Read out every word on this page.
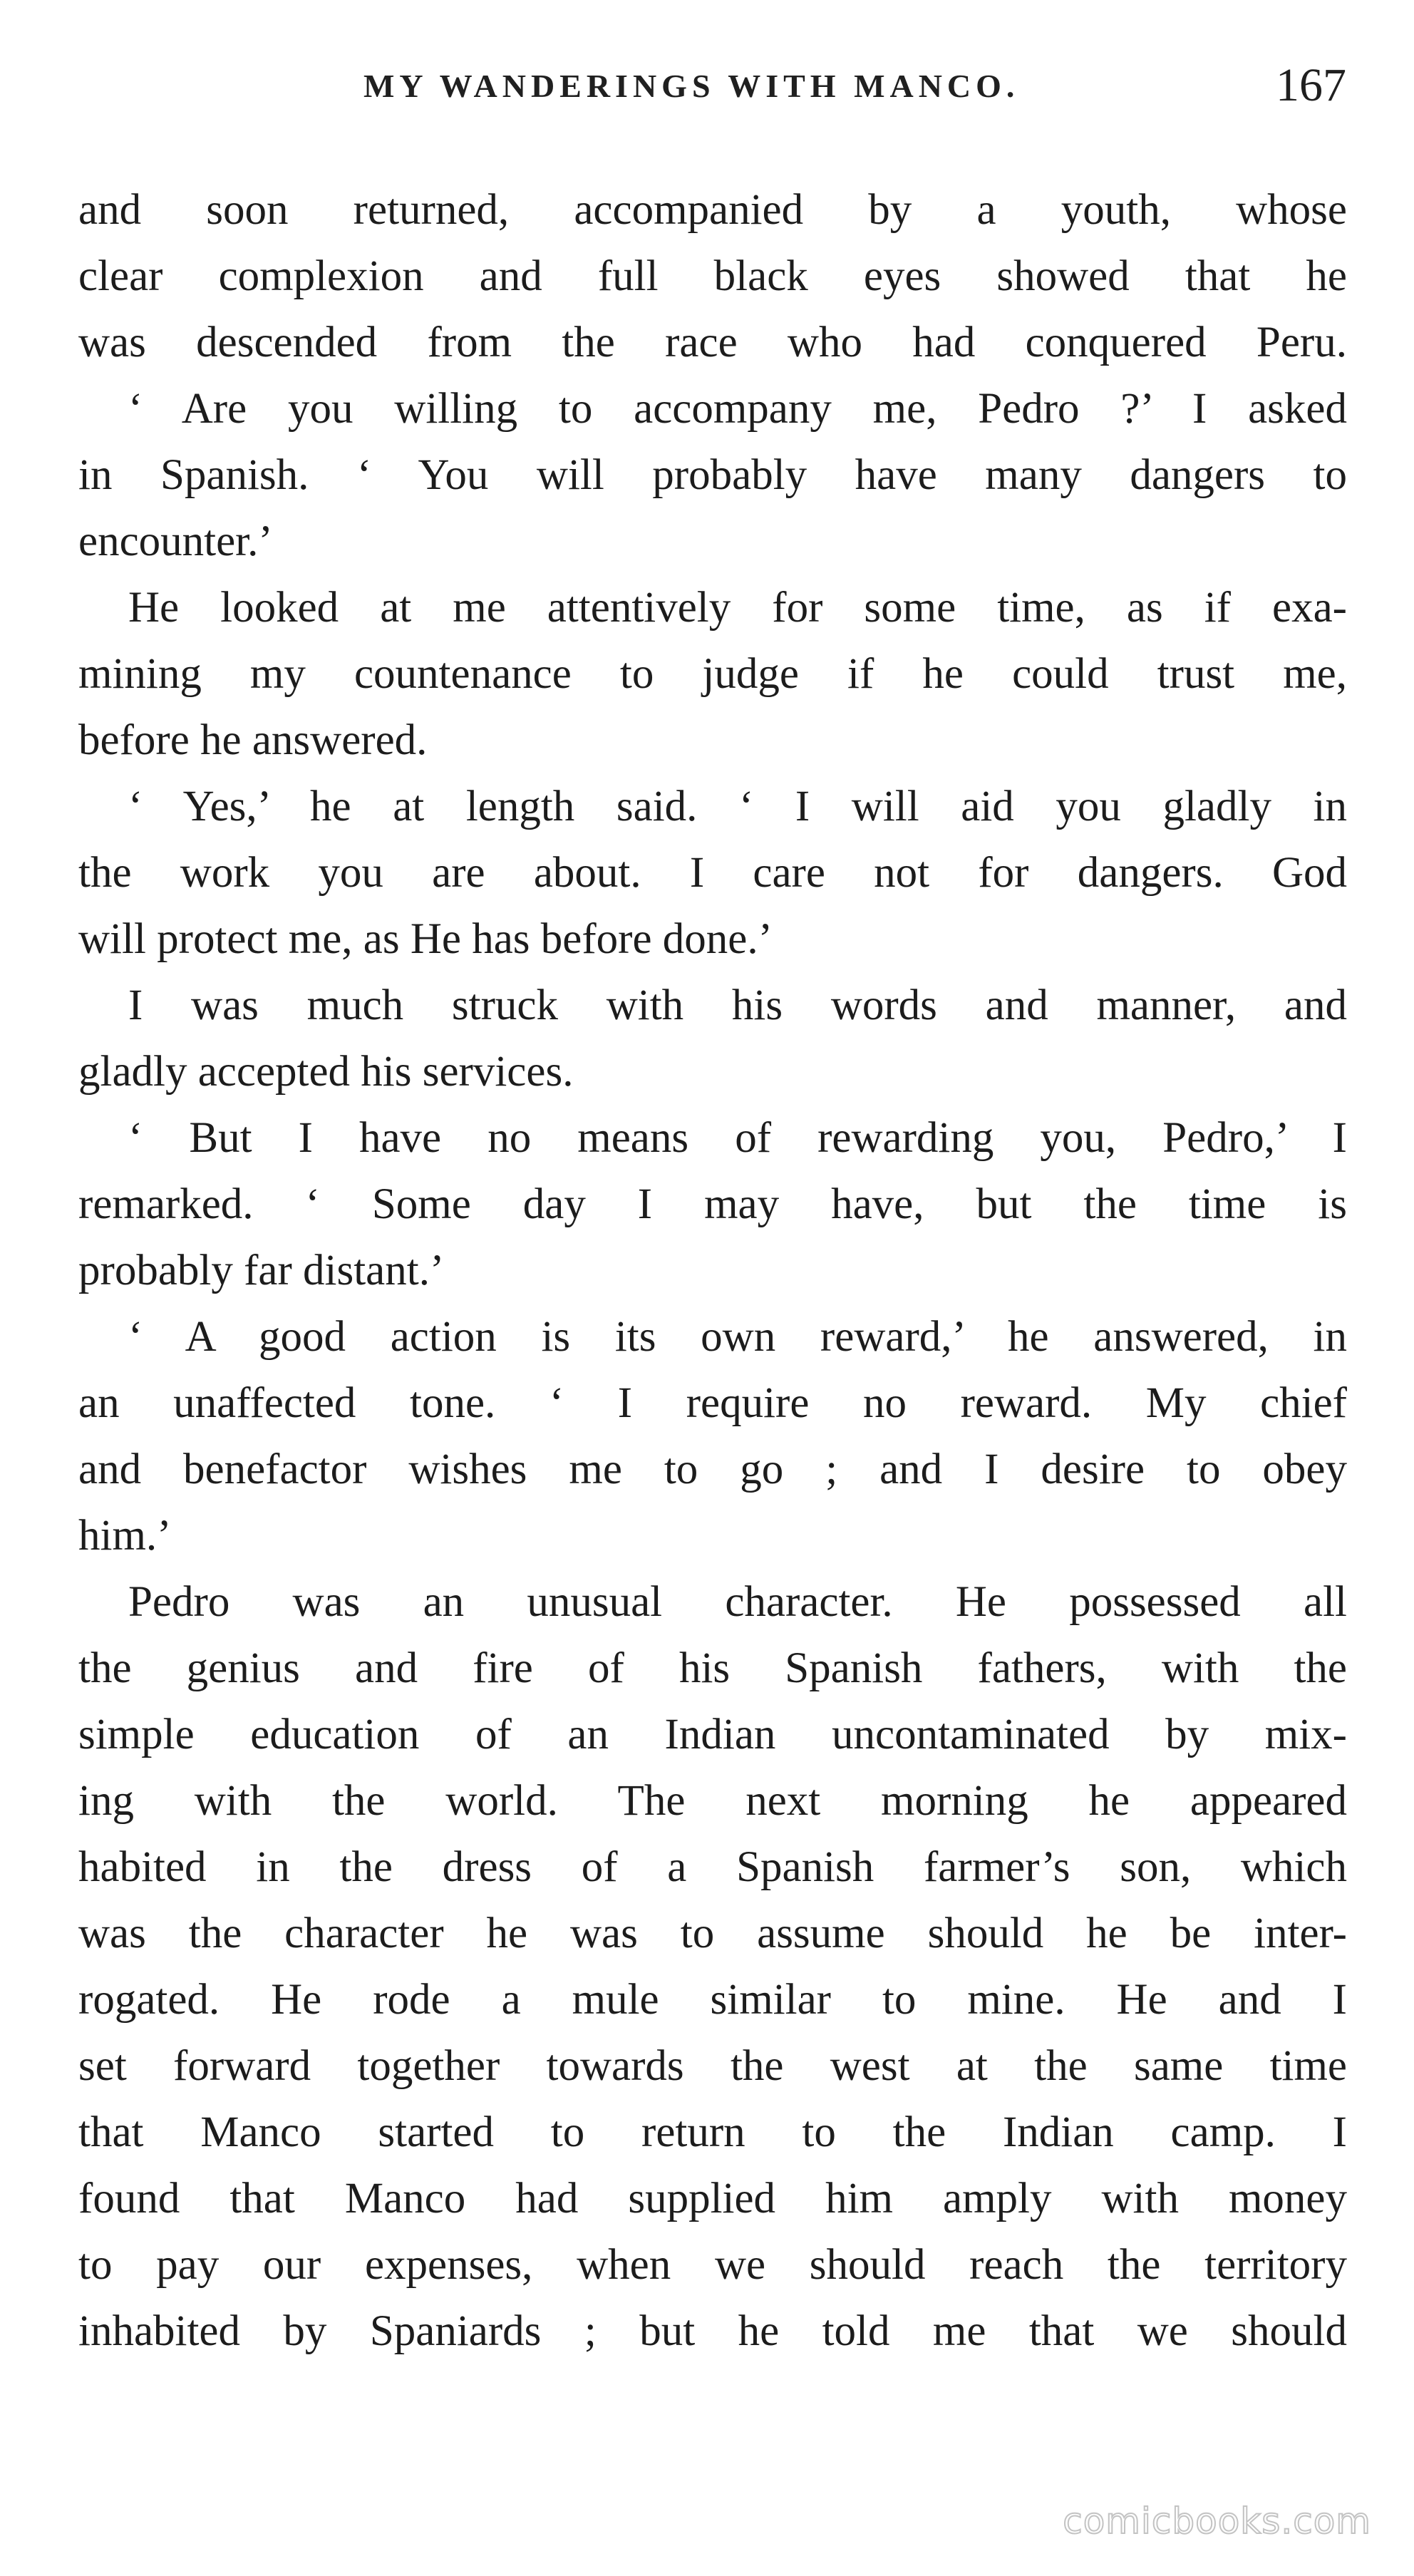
MY WANDERINGS WITH MANCO.	167
and soon returned, accompanied by a youth, whose
clear complexion and full black eyes showed that he
was descended from the race who had conquered Peru.
‘ Are you willing to accompany me, Pedro ?’ I asked
in Spanish. ‘ You will probably have many dangers to
encounter.’
He looked at me attentively for some time, as if exa-
mining my countenance to judge if he could trust me,
before he answered.
‘ Yes,’ he at length said. ‘ I will aid you gladly in
the work you are about. I care not for dangers. God
will protect me, as He has before done.’
I was much struck with his words and manner, and
gladly accepted his services.
‘ But I have no means of rewarding you, Pedro,’ I
remarked. ‘ Some day I may have, but the time is
probably far distant.’
‘ A good action is its own reward,’ he answered, in
an unaffected tone. ‘ I require no reward. My chief
and benefactor wishes me to go ; and I desire to obey
him.’
Pedro was an unusual character. He possessed all
the genius and fire of his Spanish fathers, with the
simple education of an Indian uncontaminated by mix-
ing with the world. The next morning he appeared
habited in the dress of a Spanish farmer’s son, which
was the character he was to assume should he be inter-
rogated. He rode a mule similar to mine. He and I
set forward together towards the west at the same time
that Manco started to return to the Indian camp. I
found that Manco had supplied him amply with money
to pay our expenses, when we should reach the territory
inhabited by Spaniards ; but he told me that we should
comicbooks.com
